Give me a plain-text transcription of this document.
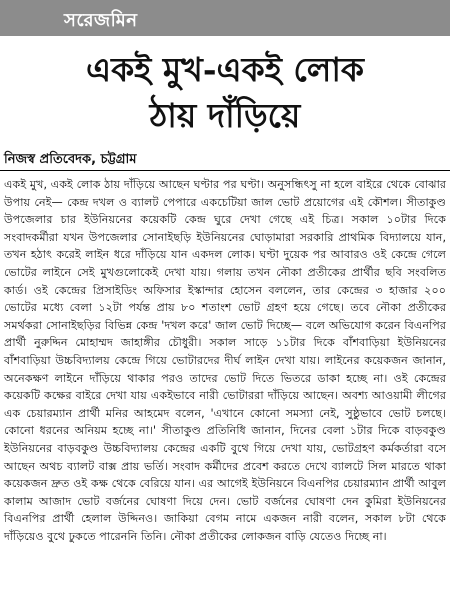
সরেজমিন
একই মুখ-একই লোক
ঠায় দাঁড়িয়ে
নিজস্ব প্রতিবেদক, চট্টগ্রাম

একই মুখ, একই লোক ঠায় দাঁড়িয়ে আছেন ঘণ্টার পর ঘণ্টা। অনুসন্ধিৎসু না হলে বাইরে থেকে বোঝার উপায় নেই— কেন্দ্র দখল ও ব্যালট পেপারে একচেটিয়া জাল ভোট প্রয়োগের এই কৌশল। সীতাকুণ্ড উপজেলার চার ইউনিয়নের কয়েকটি কেন্দ্র ঘুরে দেখা গেছে এই চিত্র। সকাল ১০টার দিকে সংবাদকর্মীরা যখন উপজেলার সোনাইছড়ি ইউনিয়নের ঘোড়ামারা সরকারি প্রাথমিক বিদ্যালয়ে যান, তখন হঠাৎ করেই লাইন ধরে দাঁড়িয়ে যান একদল লোক। ঘণ্টা দুয়েক পর আবারও ওই কেন্দ্রে গেলে ভোটের লাইনে সেই মুখগুলোকেই দেখা যায়। গলায় তখন নৌকা প্রতীকের প্রার্থীর ছবি সংবলিত কার্ড। ওই কেন্দ্রের প্রিসাইডিং অফিসার ইস্কান্দার হোসেন বললেন, তার কেন্দ্রের ৩ হাজার ২০০ ভোটের মধ্যে বেলা ১২টা পর্যন্ত প্রায় ৮০ শতাংশ ভোট গ্রহণ হয়ে গেছে। তবে নৌকা প্রতীকের সমর্থকরা সোনাইছড়ির বিভিন্ন কেন্দ্র 'দখল করে' জাল ভোট দিচ্ছে— বলে অভিযোগ করেন বিএনপির প্রার্থী নুরুদ্দিন মোহাম্মদ জাহাঙ্গীর চৌধুরী। সকাল সাড়ে ১১টার দিকে বাঁশবাড়িয়া ইউনিয়নের বাঁশবাড়িয়া উচ্চবিদ্যালয় কেন্দ্রে গিয়ে ভোটারদের দীর্ঘ লাইন দেখা যায়। লাইনের কয়েকজন জানান, অনেকক্ষণ লাইনে দাঁড়িয়ে থাকার পরও তাদের ভোট দিতে ভিতরে ডাকা হচ্ছে না। ওই কেন্দ্রের কয়েকটি কক্ষের বাইরে দেখা যায় একইভাবে নারী ভোটাররা দাঁড়িয়ে আছেন। অবশ্য আওয়ামী লীগের এক চেয়ারম্যান প্রার্থী মনির আহমেদ বলেন, 'এখানে কোনো সমস্যা নেই, সুষ্ঠুভাবে ভোট চলছে। কোনো ধরনের অনিয়ম হচ্ছে না।' সীতাকুণ্ড প্রতিনিধি জানান, দিনের বেলা ১টার দিকে বাড়বকুণ্ড ইউনিয়নের বাড়বকুণ্ড উচ্চবিদ্যালয় কেন্দ্রের একটি বুথে গিয়ে দেখা যায়, ভোটগ্রহণ কর্মকর্তারা বসে আছেন অথচ ব্যালট বাক্স প্রায় ভর্তি। সংবাদ কর্মীদের প্রবেশ করতে দেখে ব্যালটে সিল মারতে থাকা কয়েকজন দ্রুত ওই কক্ষ থেকে বেরিয়ে যান। এর আগেই ইউনিয়নে বিএনপির চেয়ারম্যান প্রার্থী আবুল কালাম আজাদ ভোট বর্জনের ঘোষণা দিয়ে দেন। ভোট বর্জনের ঘোষণা দেন কুমিরা ইউনিয়নের বিএনপির প্রার্থী হেলাল উদ্দিনও। জাকিয়া বেগম নামে একজন নারী বলেন, সকাল ৮টা থেকে দাঁড়িয়েও বুথে ঢুকতে পারেননি তিনি। নৌকা প্রতীকের লোকজন বাড়ি যেতেও দিচ্ছে না।
